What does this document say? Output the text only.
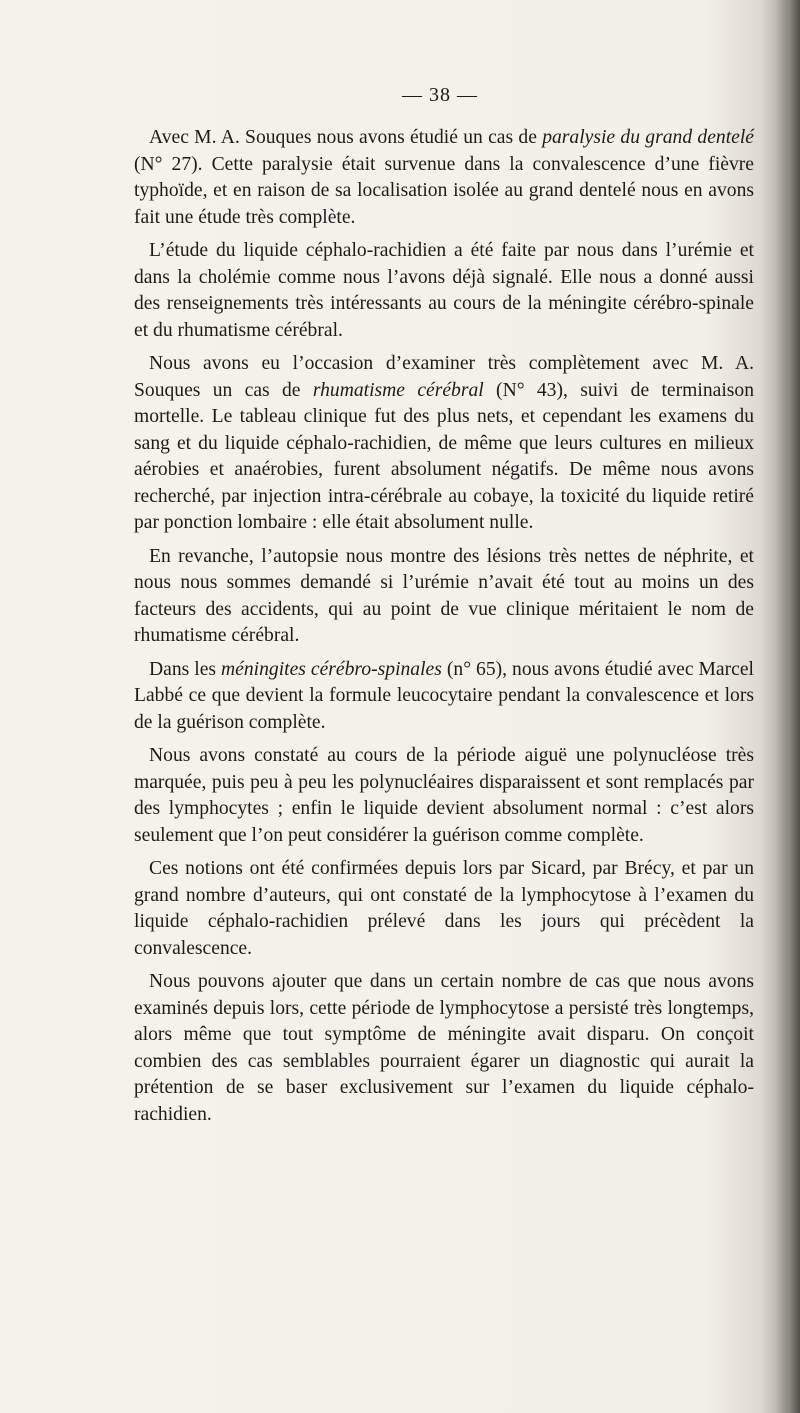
— 38 —

Avec M. A. Souques nous avons étudié un cas de paralysie du grand dentelé (N° 27). Cette paralysie était survenue dans la convalescence d’une fièvre typhoïde, et en raison de sa localisation isolée au grand dentelé nous en avons fait une étude très complète.

L’étude du liquide céphalo-rachidien a été faite par nous dans l’urémie et dans la cholémie comme nous l’avons déjà signalé. Elle nous a donné aussi des renseignements très intéressants au cours de la méningite cérébro-spinale et du rhumatisme cérébral.

Nous avons eu l’occasion d’examiner très complètement avec M. A. Souques un cas de rhumatisme cérébral (N° 43), suivi de terminaison mortelle. Le tableau clinique fut des plus nets, et cependant les examens du sang et du liquide céphalo-rachidien, de même que leurs cultures en milieux aérobies et anaérobies, furent absolument négatifs. De même nous avons recherché, par injection intra-cérébrale au cobaye, la toxicité du liquide retiré par ponction lombaire : elle était absolument nulle.

En revanche, l’autopsie nous montre des lésions très nettes de néphrite, et nous nous sommes demandé si l’urémie n’avait été tout au moins un des facteurs des accidents, qui au point de vue clinique méritaient le nom de rhumatisme cérébral.

Dans les méningites cérébro-spinales (n° 65), nous avons étudié avec Marcel Labbé ce que devient la formule leucocytaire pendant la convalescence et lors de la guérison complète.

Nous avons constaté au cours de la période aiguë une polynucléose très marquée, puis peu à peu les polynucléaires disparaissent et sont remplacés par des lymphocytes ; enfin le liquide devient absolument normal : c’est alors seulement que l’on peut considérer la guérison comme complète.

Ces notions ont été confirmées depuis lors par Sicard, par Brécy, et par un grand nombre d’auteurs, qui ont constaté de la lymphocytose à l’examen du liquide céphalo-rachidien prélevé dans les jours qui précèdent la convalescence.

Nous pouvons ajouter que dans un certain nombre de cas que nous avons examinés depuis lors, cette période de lymphocytose a persisté très longtemps, alors même que tout symptôme de méningite avait disparu. On conçoit combien des cas semblables pourraient égarer un diagnostic qui aurait la prétention de se baser exclusivement sur l’examen du liquide céphalo-rachidien.
